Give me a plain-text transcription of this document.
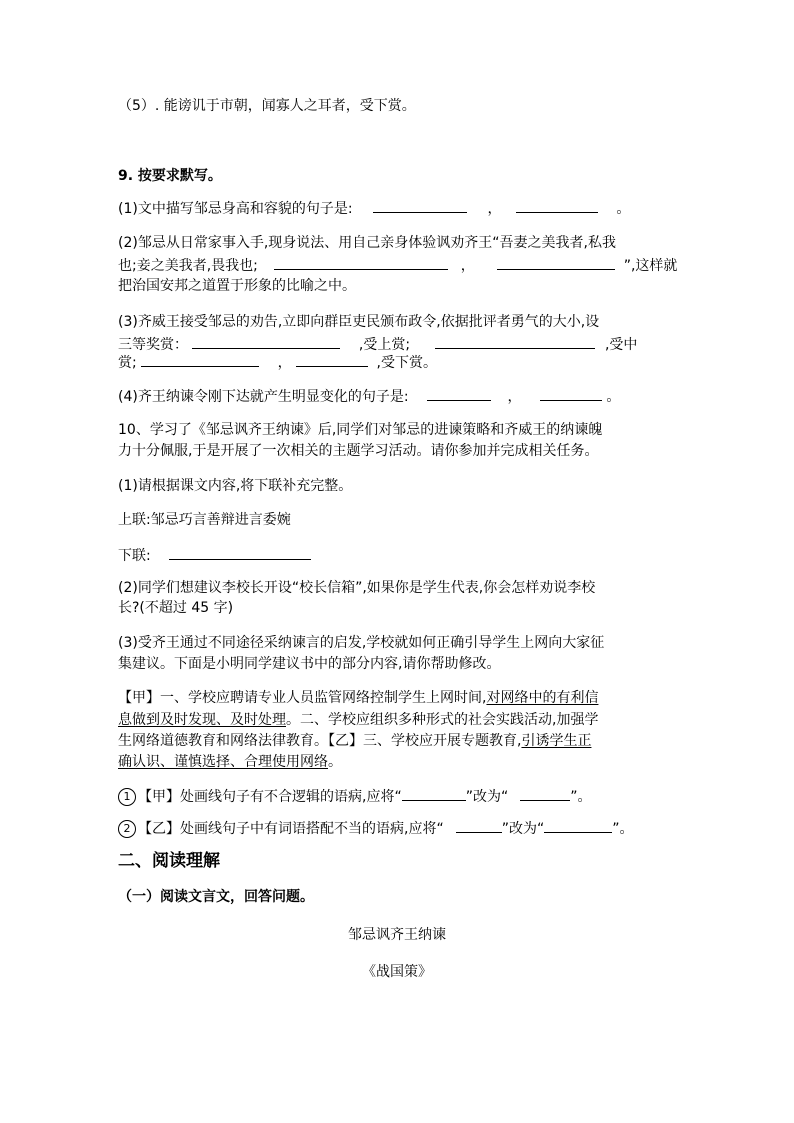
（5）. 能谤讥于市朝，闻寡人之耳者，受下赏。
9. 按要求默写。
(1)文中描写邹忌身高和容貌的句子是:	，	。
(2)邹忌从日常家事入手,现身说法、用自己亲身体验讽劝齐王“吾妻之美我者,私我
也;妾之美我者,畏我也;	，	”,这样就
把治国安邦之道置于形象的比喻之中。
(3)齐威王接受邹忌的劝告,立即向群臣吏民颁布政令,依据批评者勇气的大小,设
三等奖赏：	,受上赏;	,受中
赏;	，	,受下赏。
(4)齐王纳谏令刚下达就产生明显变化的句子是:	，	。
10、学习了《邹忌讽齐王纳谏》后,同学们对邹忌的进谏策略和齐威王的纳谏魄
力十分佩服,于是开展了一次相关的主题学习活动。请你参加并完成相关任务。
(1)请根据课文内容,将下联补充完整。
上联:邹忌巧言善辩进言委婉
下联:
(2)同学们想建议李校长开设“校长信箱”,如果你是学生代表,你会怎样劝说李校
长?(不超过 45 字)
(3)受齐王通过不同途径采纳谏言的启发,学校就如何正确引导学生上网向大家征
集建议。下面是小明同学建议书中的部分内容,请你帮助修改。
【甲】一、学校应聘请专业人员监管网络控制学生上网时间,对网络中的有利信
息做到及时发现、及时处理。二、学校应组织多种形式的社会实践活动,加强学
生网络道德教育和网络法律教育。【乙】三、学校应开展专题教育,引诱学生正
确认识、谨慎选择、合理使用网络。
1 【甲】处画线句子有不合逻辑的语病,应将“	”改为“	”。
2 【乙】处画线句子中有词语搭配不当的语病,应将“	”改为“	”。
二、阅读理解
（一）阅读文言文，回答问题。
邹忌讽齐王纳谏
《战国策》
